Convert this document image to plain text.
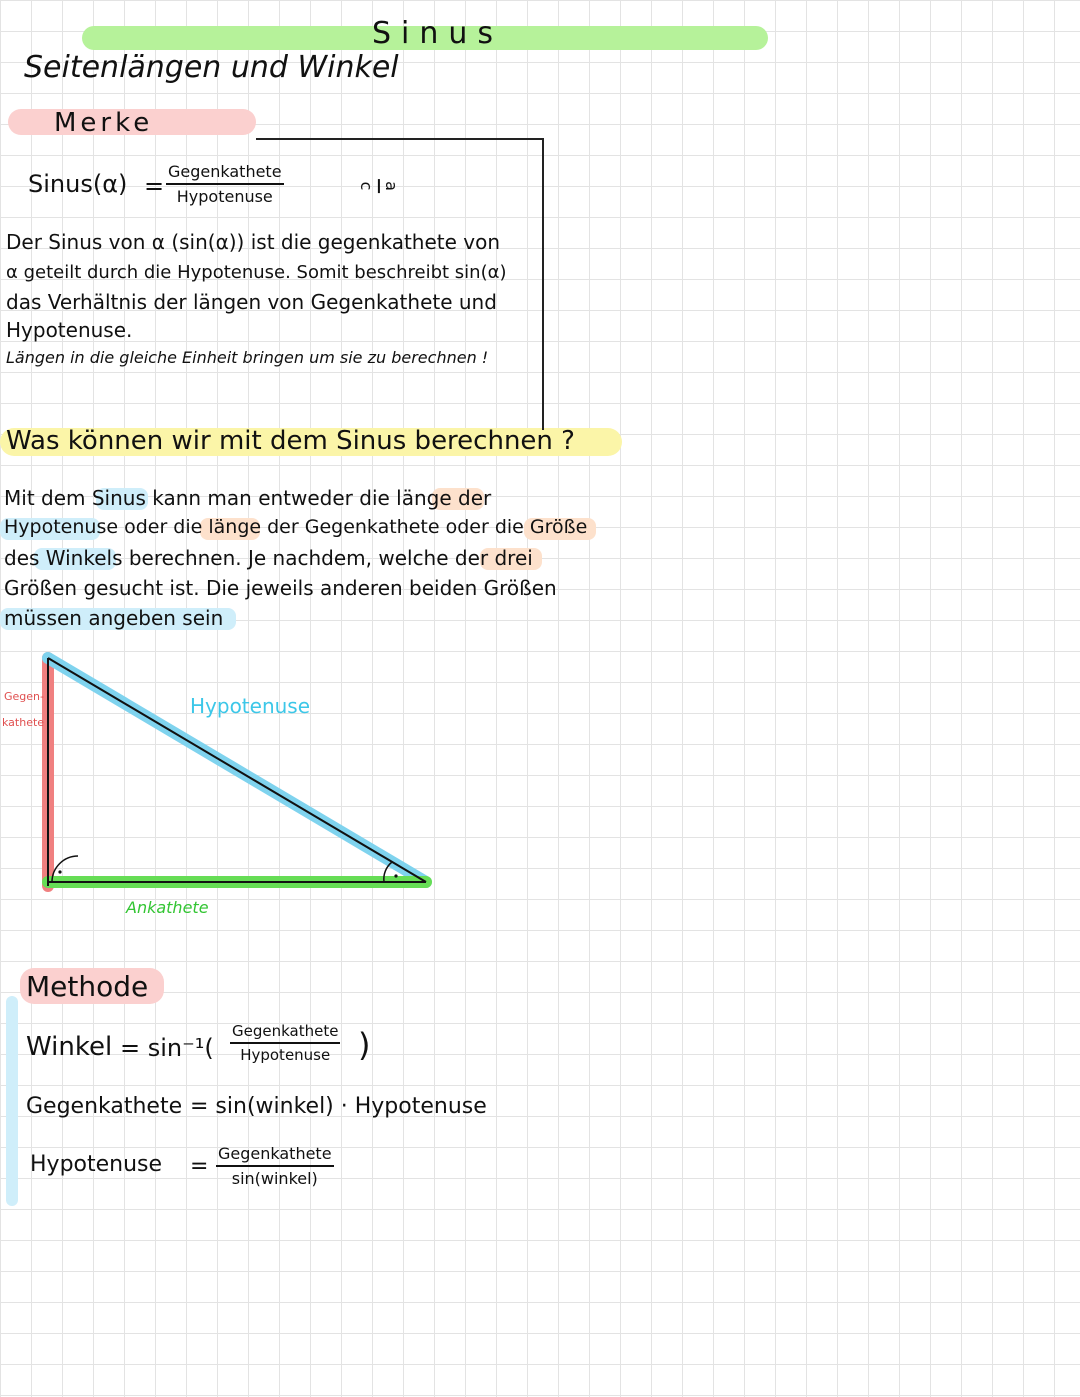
Sinus
Seitenlängen und Winkel
Merke
Sinus(α) =
Gegenkathete
Hypotenuse
a
c
Der Sinus von α (sin(α)) ist die gegenkathete von
α geteilt durch die Hypotenuse. Somit beschreibt sin(α)
das Verhältnis der längen von Gegenkathete und
Hypotenuse.
Längen in die gleiche Einheit bringen um sie zu berechnen !
Was können wir mit dem Sinus berechnen ?
Mit dem Sinus kann man entweder die länge der
Hypotenuse oder die länge der Gegenkathete oder die Größe
des Winkels berechnen. Je nachdem, welche der drei
Größen gesucht ist. Die jeweils anderen beiden Größen
müssen angeben sein
Gegen-
kathete
Hypotenuse
Ankathete
Methode
Winkel = sin⁻¹(
Gegenkathete
Hypotenuse )
Gegenkathete = sin(winkel) · Hypotenuse
Hypotenuse =
Gegenkathete
sin(winkel)
